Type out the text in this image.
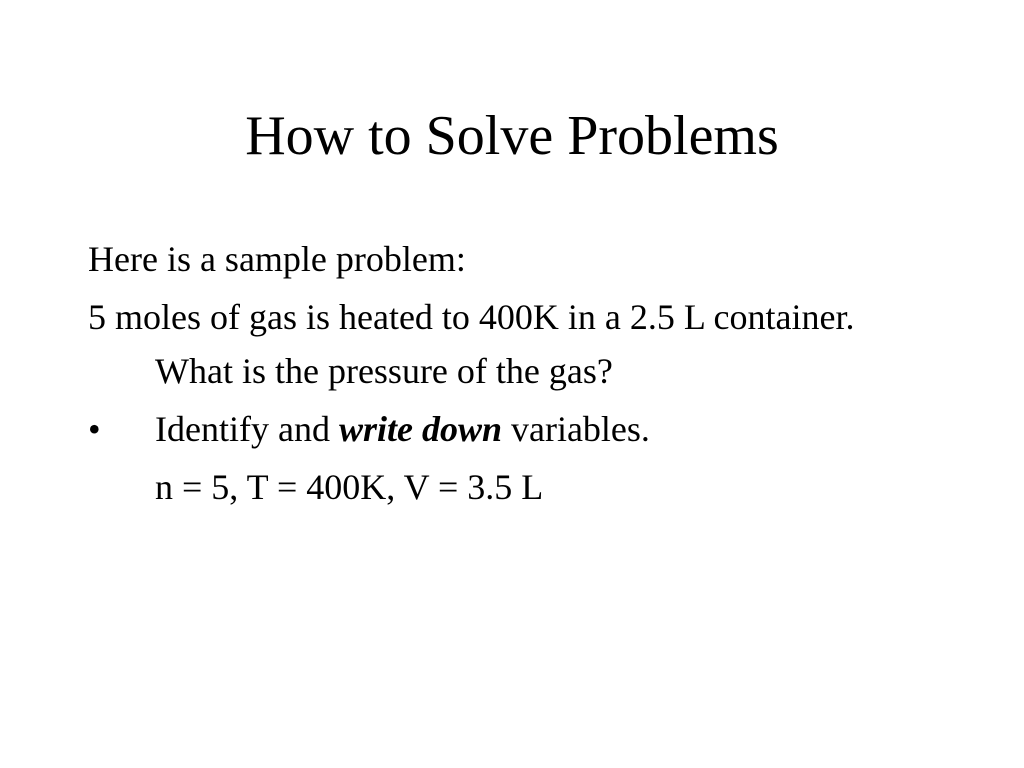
How to Solve Problems

Here is a sample problem:

5 moles of gas is heated to 400K in a 2.5 L container. What is the pressure of the gas?

• Identify and write down variables.

n = 5, T = 400K, V = 3.5 L
